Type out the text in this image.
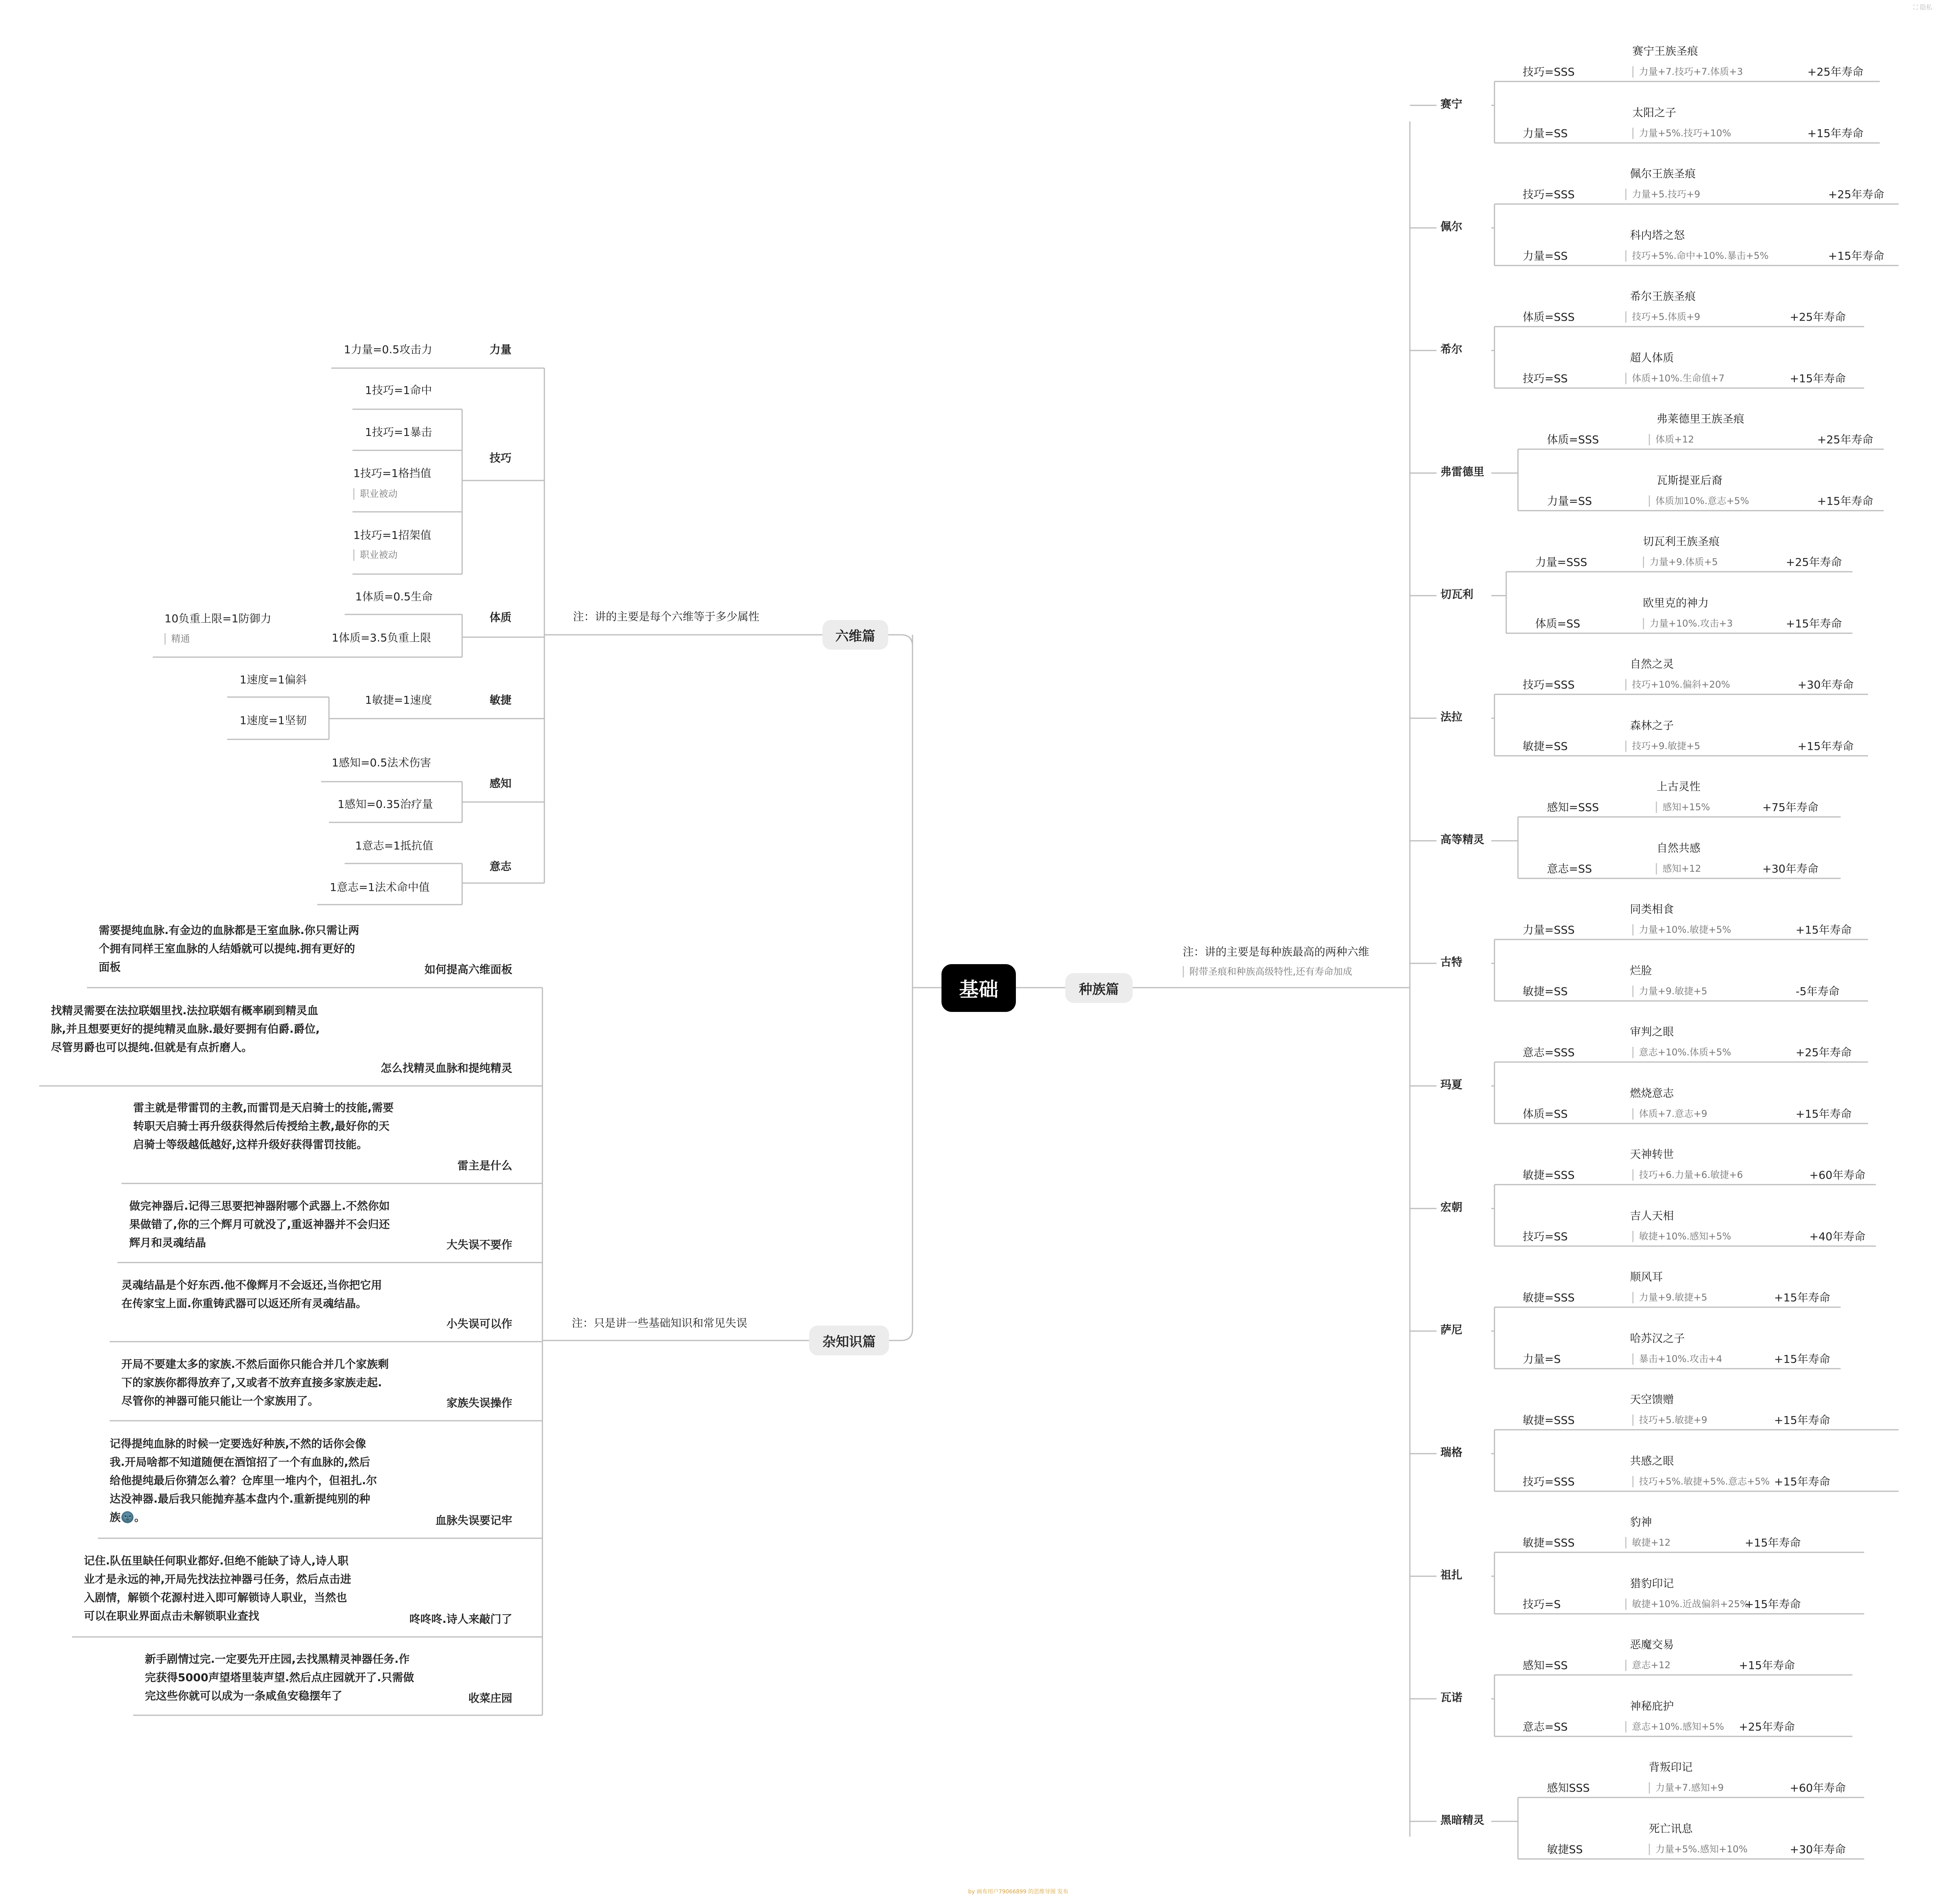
基础
六维篇
注：讲的主要是每个六维等于多少属性
力量
1力量=0.5攻击力
技巧
1技巧=1命中
1技巧=1暴击
1技巧=1格挡值
职业被动
1技巧=1招架值
职业被动
体质
1体质=0.5生命
1体质=3.5负重上限
10负重上限=1防御力
精通
敏捷
1敏捷=1速度
1速度=1偏斜
1速度=1坚韧
感知
1感知=0.5法术伤害
1感知=0.35治疗量
意志
1意志=1抵抗值
1意志=1法术命中值
杂知识篇
注：只是讲一些基础知识和常见失误
如何提高六维面板
需要提纯血脉.有金边的血脉都是王室血脉.你只需让两个拥有同样王室血脉的人结婚就可以提纯.拥有更好的面板
怎么找精灵血脉和提纯精灵
找精灵需要在法拉联姻里找.法拉联姻有概率刷到精灵血脉,并且想要更好的提纯精灵血脉.最好要拥有伯爵.爵位,尽管男爵也可以提纯.但就是有点折磨人。
雷主是什么
雷主就是带雷罚的主教,而雷罚是天启骑士的技能,需要转职天启骑士再升级获得然后传授给主教,最好你的天启骑士等级越低越好,这样升级好获得雷罚技能。
大失误不要作
做完神器后.记得三思要把神器附哪个武器上.不然你如果做错了,你的三个辉月可就没了,重返神器并不会归还辉月和灵魂结晶
小失误可以作
灵魂结晶是个好东西.他不像辉月不会返还,当你把它用在传家宝上面.你重铸武器可以返还所有灵魂结晶。
家族失误操作
开局不要建太多的家族.不然后面你只能合并几个家族剩下的家族你都得放弃了,又或者不放弃直接多家族走起.尽管你的神器可能只能让一个家族用了。
血脉失误要记牢
记得提纯血脉的时候一定要选好种族,不然的话你会像我.开局啥都不知道随便在酒馆招了一个有血脉的,然后给他提纯最后你猜怎么着？仓库里一堆内个，但祖扎.尔达没神器.最后我只能抛弃基本盘内个.重新提纯别的种族🌚。
咚咚咚.诗人来敲门了
记住.队伍里缺任何职业都好.但绝不能缺了诗人,诗人职业才是永远的神,开局先找法拉神器弓任务，然后点击进入剧情，解锁个花源村进入即可解锁诗人职业，当然也可以在职业界面点击未解锁职业查找
收菜庄园
新手剧情过完.一定要先开庄园,去找黑精灵神器任务.作完获得5000声望塔里装声望.然后点庄园就开了.只需做完这些你就可以成为一条咸鱼安稳摆年了
种族篇
注：讲的主要是每种族最高的两种六维
附带圣痕和种族高级特性,还有寿命加成
赛宁
技巧=SSS
赛宁王族圣痕
力量+7.技巧+7.体质+3	+25年寿命
力量=SS
太阳之子
力量+5%.技巧+10%	+15年寿命
佩尔
技巧=SSS
佩尔王族圣痕
力量+5.技巧+9	+25年寿命
力量=SS
科内塔之怒
技巧+5%.命中+10%.暴击+5%	+15年寿命
希尔
体质=SSS
希尔王族圣痕
技巧+5.体质+9	+25年寿命
技巧=SS
超人体质
体质+10%.生命值+7	+15年寿命
弗雷德里
体质=SSS
弗莱德里王族圣痕
体质+12	+25年寿命
力量=SS
瓦斯提亚后裔
体质加10%.意志+5%	+15年寿命
切瓦利
力量=SSS
切瓦利王族圣痕
力量+9.体质+5	+25年寿命
体质=SS
欧里克的神力
力量+10%.攻击+3	+15年寿命
法拉
技巧=SSS
自然之灵
技巧+10%.偏斜+20%	+30年寿命
敏捷=SS
森林之子
技巧+9.敏捷+5	+15年寿命
高等精灵
感知=SSS
上古灵性
感知+15%	+75年寿命
意志=SS
自然共感
感知+12	+30年寿命
古特
力量=SSS
同类相食
力量+10%.敏捷+5%	+15年寿命
敏捷=SS
烂脸
力量+9.敏捷+5	-5年寿命
玛夏
意志=SSS
审判之眼
意志+10%.体质+5%	+25年寿命
体质=SS
燃烧意志
体质+7.意志+9	+15年寿命
宏朝
敏捷=SSS
天神转世
技巧+6.力量+6.敏捷+6	+60年寿命
技巧=SS
吉人天相
敏捷+10%.感知+5%	+40年寿命
萨尼
敏捷=SSS
顺风耳
力量+9.敏捷+5	+15年寿命
力量=S
哈苏汉之子
暴击+10%.攻击+4	+15年寿命
瑞格
敏捷=SSS
天空馈赠
技巧+5.敏捷+9	+15年寿命
技巧=SSS
共感之眼
技巧+5%.敏捷+5%.意志+5% +15年寿命
祖扎
敏捷=SSS
豹神
敏捷+12	+15年寿命
技巧=S
猎豹印记
敏捷+10%.近战偏斜+25%
+15年寿命
瓦诺
感知=SS
恶魔交易
意志+12	+15年寿命
意志=SS
神秘庇护
意志+10%.感知+5% +25年寿命
黑暗精灵
感知SSS
背叛印记
力量+7.感知+9	+60年寿命
敏捷SS
死亡讯息
力量+5%.感知+10%	+30年寿命
⛶ 隐私
by 画布用户79066899 的思维导图 发布
